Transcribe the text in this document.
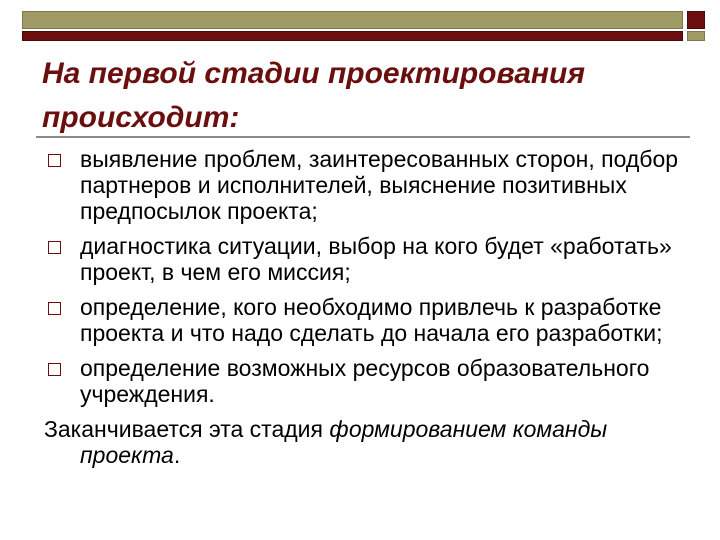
На первой стадии проектирования происходит:
выявление проблем, заинтересованных сторон, подбор партнеров и исполнителей, выяснение позитивных предпосылок проекта;
диагностика ситуации, выбор на кого будет «работать» проект, в чем его миссия;
определение, кого необходимо привлечь к разработке проекта и что надо сделать до начала его разработки;
определение возможных ресурсов образовательного учреждения.
Заканчивается эта стадия формированием команды проекта.
